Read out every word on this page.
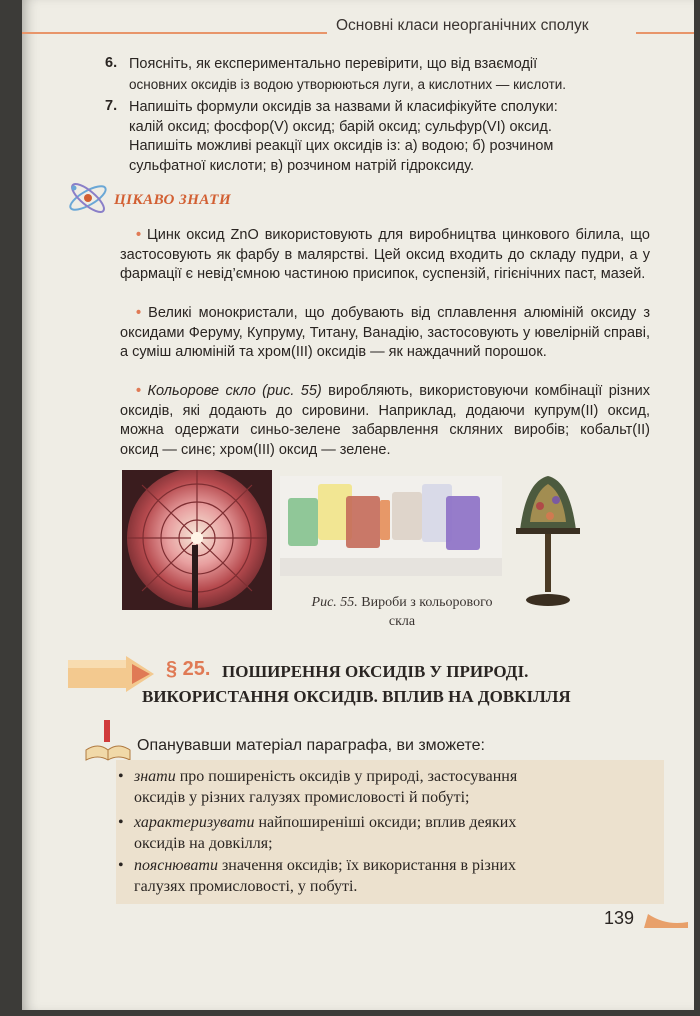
Основні класи неорганічних сполук
6. Поясніть, як експериментально перевірити, що від взаємодії
основних оксидів із водою утворюються луги, а кислотних — кислоти.
7. Напишіть формули оксидів за назвами й класифікуйте сполуки:
калій оксид; фосфор(V) оксид; барій оксид; сульфур(VI) оксид.
Напишіть можливі реакції цих оксидів із: а) водою; б) розчином
сульфатної кислоти; в) розчином натрій гідроксиду.
ЦІКАВО ЗНАТИ
• Цинк оксид ZnO використовують для виробництва цинкового білила, що застосовують як фарбу в малярстві. Цей оксид входить до складу пудри, а у фармації є невід’ємною частиною присипок, суспензій, гігієнічних паст, мазей.
• Великі монокристали, що добувають від сплавлення алюміній оксиду з оксидами Феруму, Купруму, Титану, Ванадію, застосовують у ювелірній справі, а суміш алюміній та хром(III) оксидів — як наждачний порошок.
• Кольорове скло (рис. 55) виробляють, використовуючи комбінації різних оксидів, які додають до сировини. Наприклад, додаючи купрум(II) оксид, можна одержати синьо-зелене забарвлення скляних виробів; кобальт(II) оксид — синє; хром(III) оксид — зелене.
Рис. 55. Вироби з кольорового
скла
§ 25. ПОШИРЕННЯ ОКСИДІВ У ПРИРОДІ.
ВИКОРИСТАННЯ ОКСИДІВ. ВПЛИВ НА ДОВКІЛЛЯ
Опанувавши матеріал параграфа, ви зможете:
• знати про поширеність оксидів у природі, застосування
оксидів у різних галузях промисловості й побуті;
• характеризувати найпоширеніші оксиди; вплив деяких
оксидів на довкілля;
• пояснювати значення оксидів; їх використання в різних
галузях промисловості, у побуті.
139
